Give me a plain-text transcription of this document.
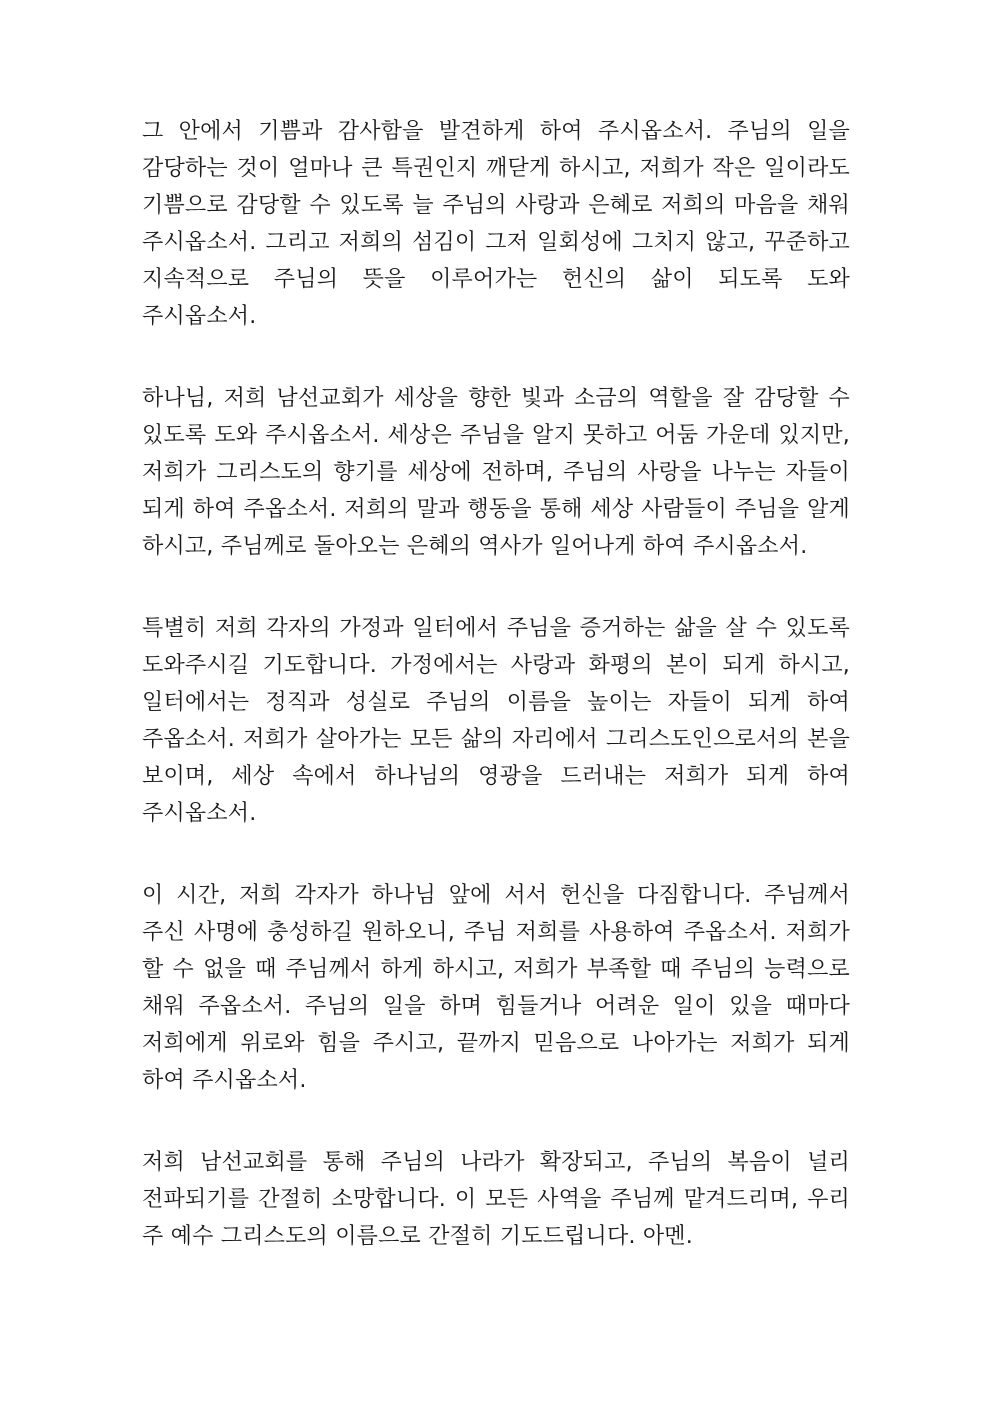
그 안에서 기쁨과 감사함을 발견하게 하여 주시옵소서. 주님의 일을 감당하는 것이 얼마나 큰 특권인지 깨닫게 하시고, 저희가 작은 일이라도 기쁨으로 감당할 수 있도록 늘 주님의 사랑과 은혜로 저희의 마음을 채워 주시옵소서. 그리고 저희의 섬김이 그저 일회성에 그치지 않고, 꾸준하고 지속적으로 주님의 뜻을 이루어가는 헌신의 삶이 되도록 도와 주시옵소서.

하나님, 저희 남선교회가 세상을 향한 빛과 소금의 역할을 잘 감당할 수 있도록 도와 주시옵소서. 세상은 주님을 알지 못하고 어둠 가운데 있지만, 저희가 그리스도의 향기를 세상에 전하며, 주님의 사랑을 나누는 자들이 되게 하여 주옵소서. 저희의 말과 행동을 통해 세상 사람들이 주님을 알게 하시고, 주님께로 돌아오는 은혜의 역사가 일어나게 하여 주시옵소서.

특별히 저희 각자의 가정과 일터에서 주님을 증거하는 삶을 살 수 있도록 도와주시길 기도합니다. 가정에서는 사랑과 화평의 본이 되게 하시고, 일터에서는 정직과 성실로 주님의 이름을 높이는 자들이 되게 하여 주옵소서. 저희가 살아가는 모든 삶의 자리에서 그리스도인으로서의 본을 보이며, 세상 속에서 하나님의 영광을 드러내는 저희가 되게 하여 주시옵소서.

이 시간, 저희 각자가 하나님 앞에 서서 헌신을 다짐합니다. 주님께서 주신 사명에 충성하길 원하오니, 주님 저희를 사용하여 주옵소서. 저희가 할 수 없을 때 주님께서 하게 하시고, 저희가 부족할 때 주님의 능력으로 채워 주옵소서. 주님의 일을 하며 힘들거나 어려운 일이 있을 때마다 저희에게 위로와 힘을 주시고, 끝까지 믿음으로 나아가는 저희가 되게 하여 주시옵소서.

저희 남선교회를 통해 주님의 나라가 확장되고, 주님의 복음이 널리 전파되기를 간절히 소망합니다. 이 모든 사역을 주님께 맡겨드리며, 우리 주 예수 그리스도의 이름으로 간절히 기도드립니다. 아멘.
